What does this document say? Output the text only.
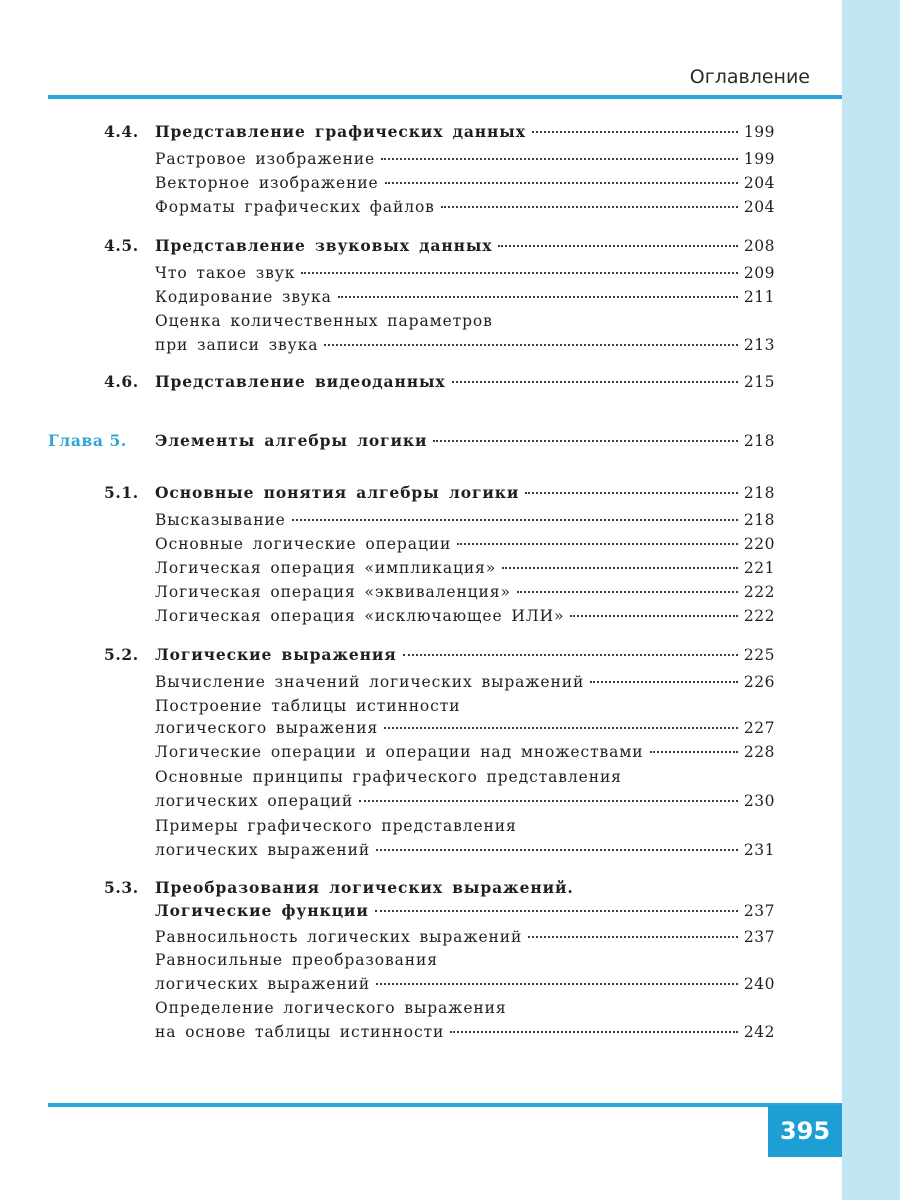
Оглавление
4.4. Представление графических данных	199
Растровое изображение	199
Векторное изображение	204
Форматы графических файлов	204
4.5. Представление звуковых данных	208
Что такое звук	209
Кодирование звука	211
Оценка количественных параметров
при записи звука	213
4.6. Представление видеоданных	215
Глава 5. Элементы алгебры логики	218
5.1. Основные понятия алгебры логики	218
Высказывание	218
Основные логические операции	220
Логическая операция «импликация»	221
Логическая операция «эквиваленция»	222
Логическая операция «исключающее ИЛИ»	222
5.2. Логические выражения	225
Вычисление значений логических выражений	226
Построение таблицы истинности
логического выражения	227
Логические операции и операции над множествами	228
Основные принципы графического представления
логических операций	230
Примеры графического представления
логических выражений	231
5.3. Преобразования логических выражений.
Логические функции	237
Равносильность логических выражений	237
Равносильные преобразования
логических выражений	240
Определение логического выражения
на основе таблицы истинности	242
395
